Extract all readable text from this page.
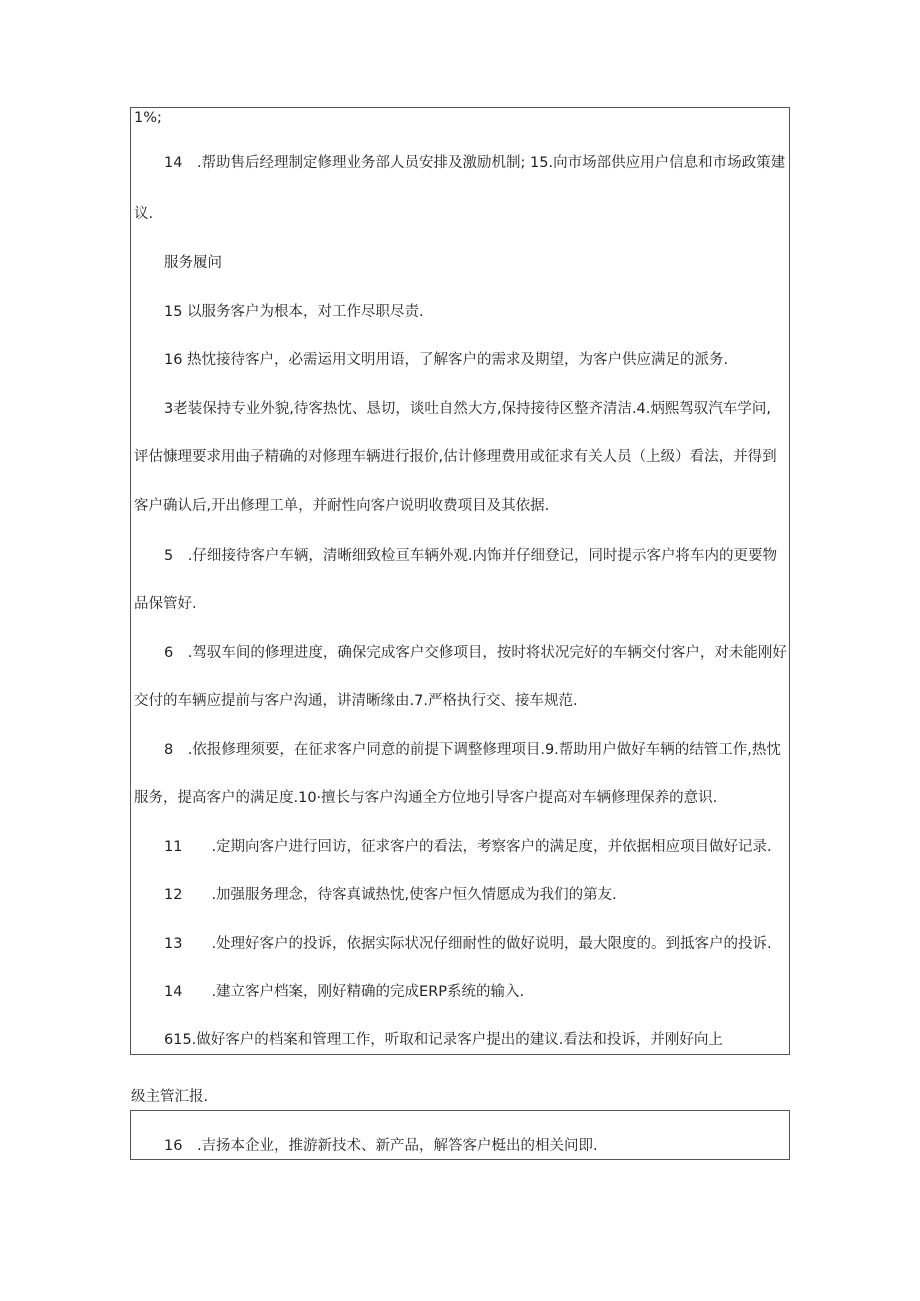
1%;
14　.帮助售后经理制定修理业务部人员安排及激励机制; 15.向市场部供应用户信息和市场政策建
议.
服务履问
15 以服务客户为根本，对工作尽职尽责.
16 热忱接待客户，必需运用文明用语，了解客户的需求及期望，为客户供应满足的派务.
3老装保持专业外貌,待客热忱、恳切，谈吐自然大方,保持接待区整齐清洁.4.炳熙驾驭汽车学问,
评估慷理要求用曲子精确的对修理车辆进行报价,估计修理费用或征求有关人员（上级）看法，并得到
客户确认后,开出修理工单，并耐性向客户说明收费项目及其依据.
5　.仔细接待客户车辆，清晰细致检亘车辆外观.内饰并仔细登记，同时提示客户将车内的更要物
品保管好.
6　.驾驭车间的修理进度，确保完成客户交修项目，按时将状况完好的车辆交付客户，对未能刚好
交付的车辆应提前与客户沟通，讲清晰缘由.7.严格执行交、接车规范.
8　.依报修理须要，在征求客户同意的前提下调整修理项目.9.帮助用户做好车辆的结管工作,热忱
服务，提高客户的满足度.10·擅长与客户沟通全方位地引导客户提高对车辆修理保养的意识.
11　　.定期向客户进行回访，征求客户的看法，考察客户的满足度，并依据相应项目做好记录.
12　　.加强服务理念，待客真诚热忱,使客户恒久情愿成为我们的第友.
13　　.处理好客户的投诉，依据实际状况仔细耐性的做好说明，最大限度的。到抵客户的投诉.
14　　.建立客户档案，刚好精确的完成ERP系统的输入.
615.做好客户的档案和管理工作，听取和记录客户提出的建议.看法和投诉，并刚好向上
级主管汇报.
16　.吉扬本企业，推游新技术、新产品，解答客户梃出的相关问即.
